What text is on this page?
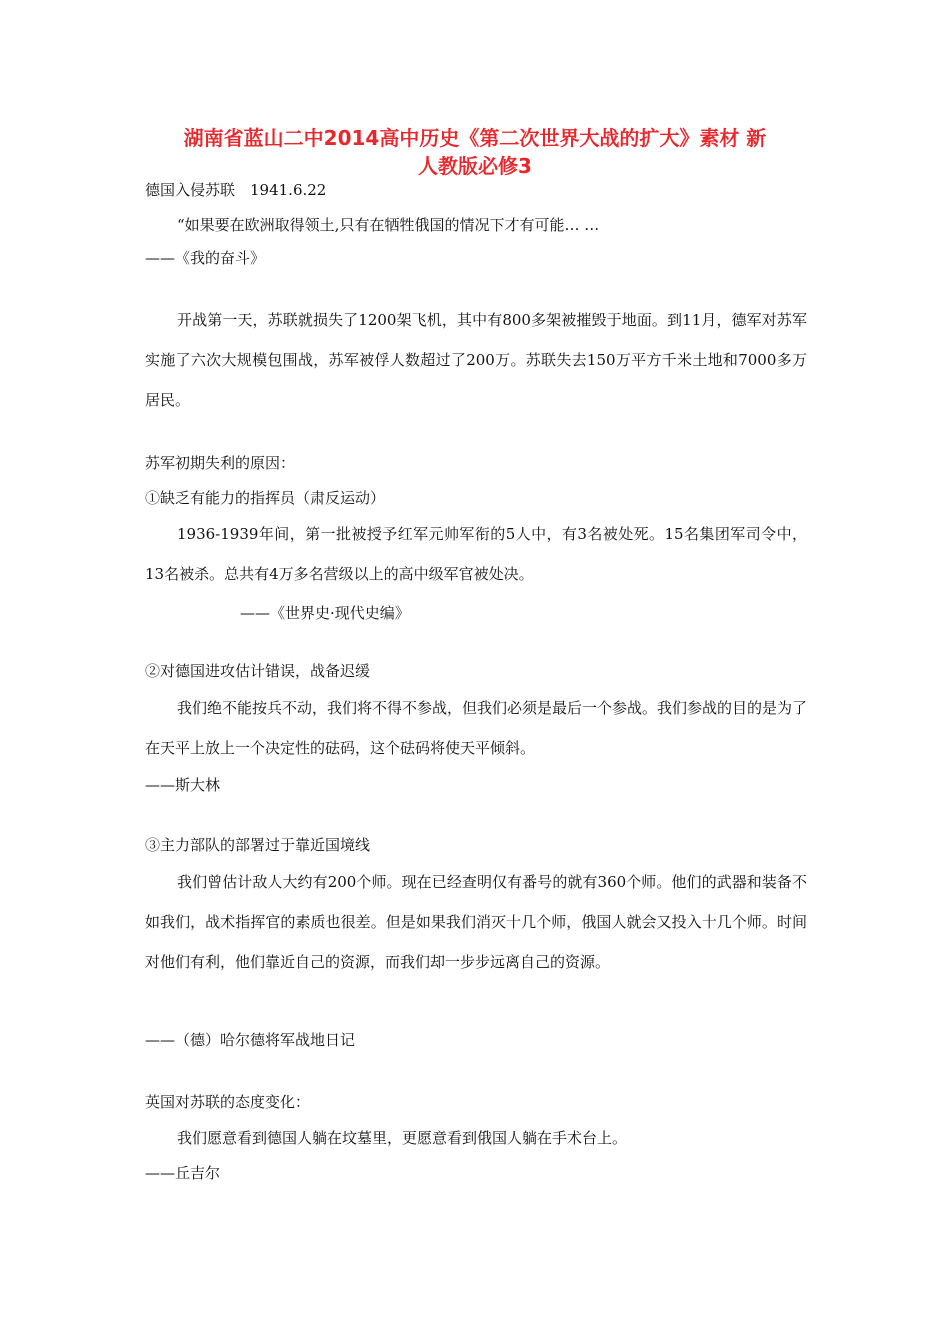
湖南省蓝山二中2014高中历史《第二次世界大战的扩大》素材 新
人教版必修3

德国入侵苏联　1941.6.22

“如果要在欧洲取得领土,只有在牺牲俄国的情况下才有可能… …

——《我的奋斗》

开战第一天，苏联就损失了1200架飞机，其中有800多架被摧毁于地面。到11月，德军对苏军实施了六次大规模包围战，苏军被俘人数超过了200万。苏联失去150万平方千米土地和7000多万居民。

苏军初期失利的原因：

①缺乏有能力的指挥员（肃反运动）

1936-1939年间，第一批被授予红军元帅军衔的5人中，有3名被处死。15名集团军司令中，13名被杀。总共有4万多名营级以上的高中级军官被处决。

——《世界史·现代史编》

②对德国进攻估计错误，战备迟缓

我们绝不能按兵不动，我们将不得不参战，但我们必须是最后一个参战。我们参战的目的是为了在天平上放上一个决定性的砝码，这个砝码将使天平倾斜。

——斯大林

③主力部队的部署过于靠近国境线

我们曾估计敌人大约有200个师。现在已经查明仅有番号的就有360个师。他们的武器和装备不如我们，战术指挥官的素质也很差。但是如果我们消灭十几个师，俄国人就会又投入十几个师。时间对他们有利，他们靠近自己的资源，而我们却一步步远离自己的资源。

——（德）哈尔德将军战地日记

英国对苏联的态度变化：

我们愿意看到德国人躺在坟墓里，更愿意看到俄国人躺在手术台上。

——丘吉尔
